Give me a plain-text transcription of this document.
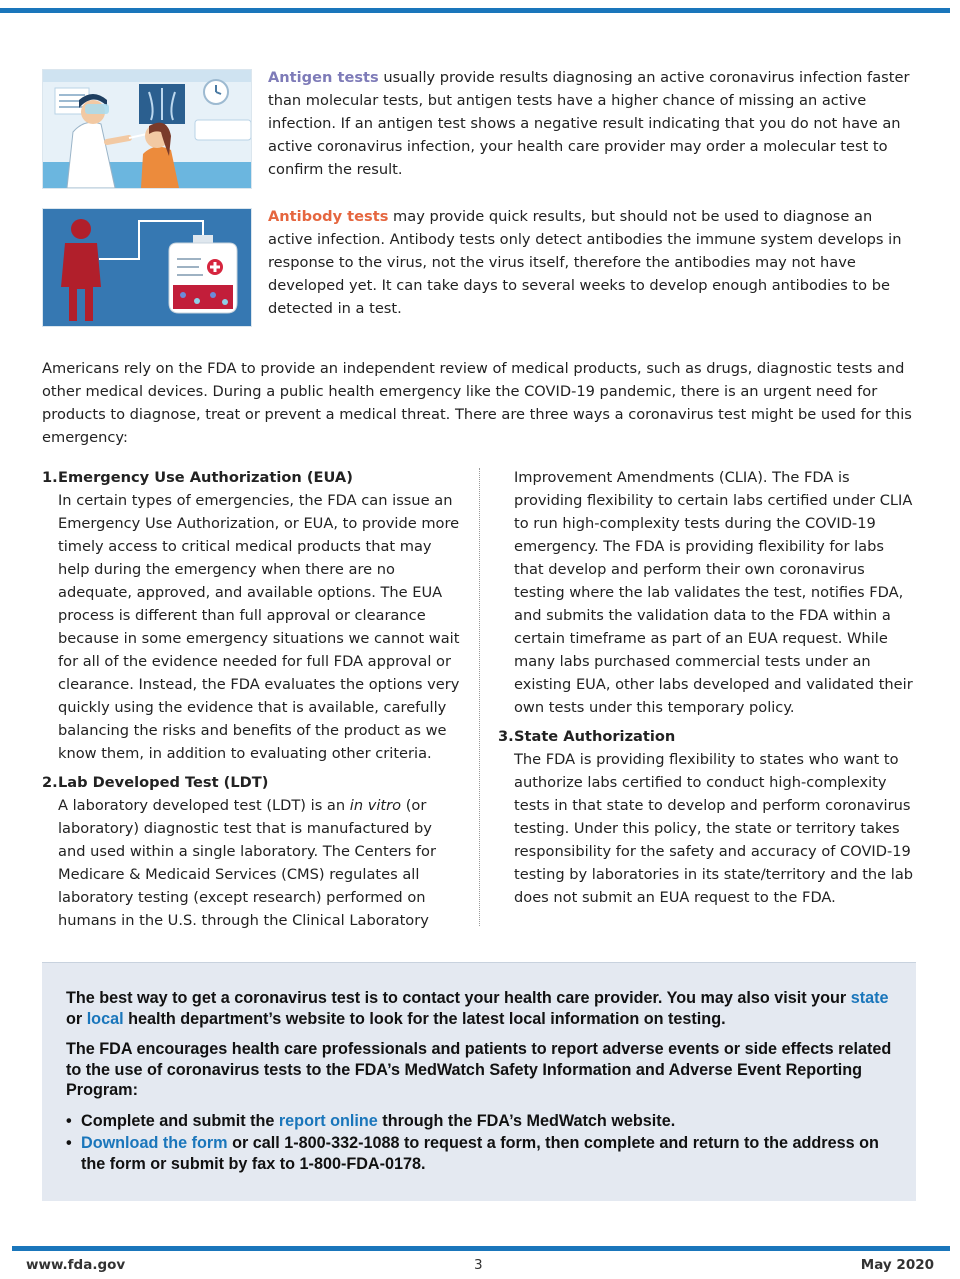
Antigen tests usually provide results diagnosing an active coronavirus infection faster than molecular tests, but antigen tests have a higher chance of missing an active infection. If an antigen test shows a negative result indicating that you do not have an active coronavirus infection, your health care provider may order a molecular test to confirm the result.

Antibody tests may provide quick results, but should not be used to diagnose an active infection. Antibody tests only detect antibodies the immune system develops in response to the virus, not the virus itself, therefore the antibodies may not have developed yet. It can take days to several weeks to develop enough antibodies to be detected in a test.

Americans rely on the FDA to provide an independent review of medical products, such as drugs, diagnostic tests and other medical devices. During a public health emergency like the COVID-19 pandemic, there is an urgent need for products to diagnose, treat or prevent a medical threat. There are three ways a coronavirus test might be used for this emergency:

1. Emergency Use Authorization (EUA)
In certain types of emergencies, the FDA can issue an Emergency Use Authorization, or EUA, to provide more timely access to critical medical products that may help during the emergency when there are no adequate, approved, and available options. The EUA process is different than full approval or clearance because in some emergency situations we cannot wait for all of the evidence needed for full FDA approval or clearance. Instead, the FDA evaluates the options very quickly using the evidence that is available, carefully balancing the risks and benefits of the product as we know them, in addition to evaluating other criteria.
2. Lab Developed Test (LDT)
A laboratory developed test (LDT) is an in vitro (or laboratory) diagnostic test that is manufactured by and used within a single laboratory. The Centers for Medicare & Medicaid Services (CMS) regulates all laboratory testing (except research) performed on humans in the U.S. through the Clinical Laboratory
Improvement Amendments (CLIA). The FDA is providing flexibility to certain labs certified under CLIA to run high-complexity tests during the COVID-19 emergency. The FDA is providing flexibility for labs that develop and perform their own coronavirus testing where the lab validates the test, notifies FDA, and submits the validation data to the FDA within a certain timeframe as part of an EUA request. While many labs purchased commercial tests under an existing EUA, other labs developed and validated their own tests under this temporary policy.
3. State Authorization
The FDA is providing flexibility to states who want to authorize labs certified to conduct high-complexity tests in that state to develop and perform coronavirus testing. Under this policy, the state or territory takes responsibility for the safety and accuracy of COVID-19 testing by laboratories in its state/territory and the lab does not submit an EUA request to the FDA.

The best way to get a coronavirus test is to contact your health care provider. You may also visit your state or local health department’s website to look for the latest local information on testing.

The FDA encourages health care professionals and patients to report adverse events or side effects related to the use of coronavirus tests to the FDA’s MedWatch Safety Information and Adverse Event Reporting Program:

• Complete and submit the report online through the FDA’s MedWatch website.
• Download the form or call 1-800-332-1088 to request a form, then complete and return to the address on the form or submit by fax to 1-800-FDA-0178.
www.fda.gov	3	May 2020
